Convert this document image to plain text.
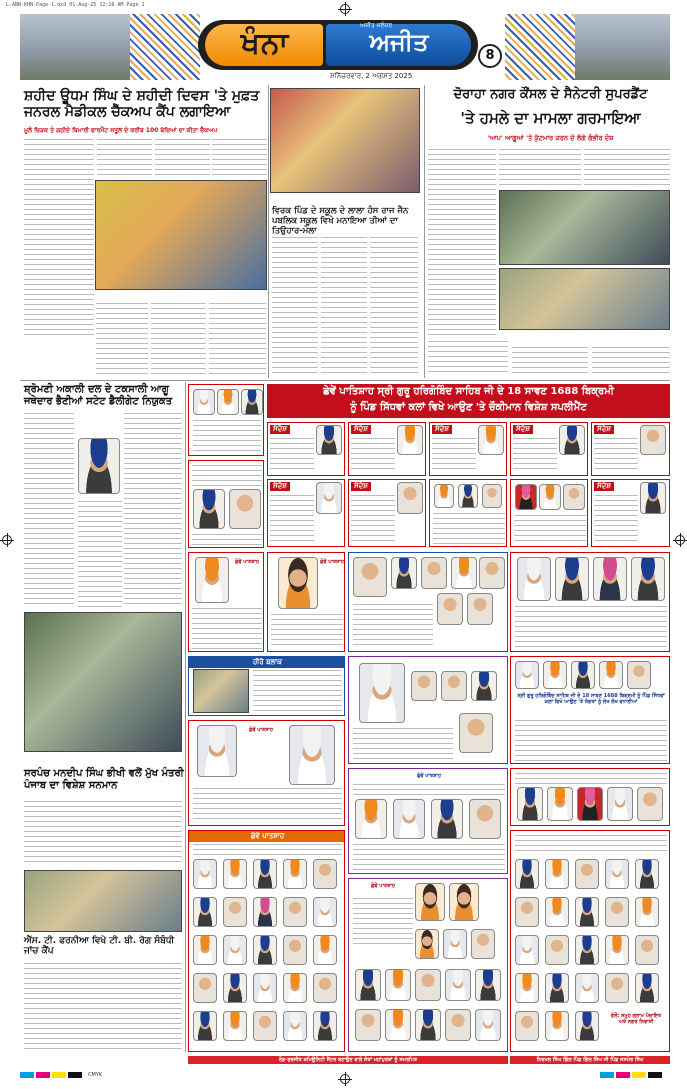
L-ANN-KHN-Page-1.qxd 01-Aug-25 12:16 AM Page 1
ਖੰਨਾ
ਅਜੀਤ ਜਲੰਧਰ
ਅਜੀਤ
ਸ਼ਨਿੱਚਰਵਾਰ, 2 ਅਗਸਤ 2025
8
ਸ਼ਹੀਦ ਊਧਮ ਸਿੰਘ ਦੇ ਸ਼ਹੀਦੀ ਦਿਵਸ 'ਤੇ ਮੁਫ਼ਤ ਜਨਰਲ ਮੈਡੀਕਲ ਚੈੱਕਅਪ ਕੈਂਪ ਲਗਾਇਆ
ਮੂਲੇ ਚਿੜਕ ਤੇ ਗਠੀਏ ਬਿਮਾਰੀ ਫਾਰਮੈਂਟ ਸਤੂਲ ਦੇ ਕਰੀਬ 100 ਬੱਚਿਆਂ ਦਾ ਕੀਤਾ ਚੈੱਕਅਪ
ਵਿਰਕ ਪਿੰਡ ਦੇ ਸਕੂਲ ਦੇ ਲਾਲਾ ਹੰਸ ਰਾਜ ਜੈਨ ਪਬਲਿਕ ਸਕੂਲ ਵਿਖੇ ਮਨਾਇਆ ਤੀਆਂ ਦਾ ਤਿਉਹਾਰ-ਮੇਲਾ
ਦੋਰਾਹਾ ਨਗਰ ਕੌਂਸਲ ਦੇ ਸੈਨੇਟਰੀ ਸੁਪਰਡੈਂਟ
'ਤੇ ਹਮਲੇ ਦਾ ਮਾਮਲਾ ਗਰਮਾਇਆ
'ਆਪ' ਆਗੂਆਂ 'ਤੇ ਕੁੱਟਮਾਰ ਕਰਨ ਦੇ ਲੱਗੇ ਗੰਭੀਰ ਦੋਸ਼
ਸ਼੍ਰੋਮਣੀ ਅਕਾਲੀ ਦਲ ਦੇ ਟਕਸਾਲੀ ਆਗੂ ਜਥੇਦਾਰ ਭੈਣੀਆਂ ਸਟੇਟ ਡੈਲੀਗੇਟ ਨਿਯੁਕਤ
ਸਰਪੰਚ ਮਨਦੀਪ ਸਿੰਘ ਭੀਖੀ ਵਲੋਂ ਮੁੱਖ ਮੰਤਰੀ ਪੰਜਾਬ ਦਾ ਵਿਸ਼ੇਸ਼ ਸਨਮਾਨ
ਐੱਸ. ਟੀ. ਫਰਨੀਆ ਵਿਖੇ ਟੀ. ਬੀ. ਰੋਗ ਸੰਬੰਧੀ ਜਾਂਚ ਕੈਂਪ
ਛੇਵੇਂ ਪਾਤਿਸ਼ਾਹ ਸ੍ਰੀ ਗੁਰੂ ਹਰਿਗੋਬਿੰਦ ਸਾਹਿਬ ਜੀ ਦੇ 18 ਸਾਵਣ 1688 ਬਿਕ੍ਰਮੀ
ਨੂੰ ਪਿੰਡ ਸਿੱਧਵਾਂ ਕਲਾਂ ਵਿਖੇ ਆਉਣ 'ਤੇ ਚੌਕੀਮਾਨ ਵਿਸ਼ੇਸ਼ ਸਪਲੀਮੈਂਟ
ਸੰਦੇਸ਼	ਸੰਦੇਸ਼	ਸੰਦੇਸ਼	ਸੰਦੇਸ਼	ਸੰਦੇਸ਼
ਸੰਦੇਸ਼	ਸੰਦੇਸ਼	ਸੰਦੇਸ਼
ਛੇਵੇਂ ਪਾਤਸ਼ਾਹ	ਛੇਵੇਂ ਪਾਤਸ਼ਾਹ
ਹੀਰੋ ਬਲਾਕ
ਸ੍ਰੀ ਗੁਰੂ ਹਰਿਗੋਬਿੰਦ ਸਾਹਿਬ ਜੀ ਦੇ 18 ਸਾਵਣ 1688 ਬਿਕ੍ਰਮੀ ਨੂੰ ਪਿੰਡ ਸਿੱਧਵਾਂ ਕਲਾਂ ਵਿਖੇ ਆਉਣ 'ਤੇ ਸੰਗਤਾਂ ਨੂੰ ਲੱਖ ਲੱਖ ਵਧਾਈਆਂ
ਛੇਵੇਂ ਪਾਤਸ਼ਾਹ
ਛੇਵੇਂ ਪਾਤਸ਼ਾਹ
ਛੇਵੇਂ ਪਾਤਸ਼ਾਹ
ਛੇਵੇਂ ਪਾਤਸ਼ਾਹ
ਵੱਲੋਂ: ਸਮੂਹ ਗ੍ਰਾਮ ਪੰਚਾਇਤ ਅਤੇ ਨਗਰ ਨਿਵਾਸੀ
ਰੋਡ-ਸੁਰਜੀਤ ਕਮਿਊਨਿਟੀ ਸੈਂਟਰ ਬਣਾਉਣ ਵਾਲੇ ਸੰਤਾਂ ਮਹਾਂਪੁਰਸ਼ਾਂ ਨੂੰ ਸਮਰਪਿਤ	ਨਿਰਮਲ ਸਿੰਘ ਗਿੱਲ ਪਿੰਡ ਗਿੱਲ ਸਿੰਘ ਜੀ ਪਿੰਡ ਜਸਮੇਰ ਸਿੰਘ
CMYK
